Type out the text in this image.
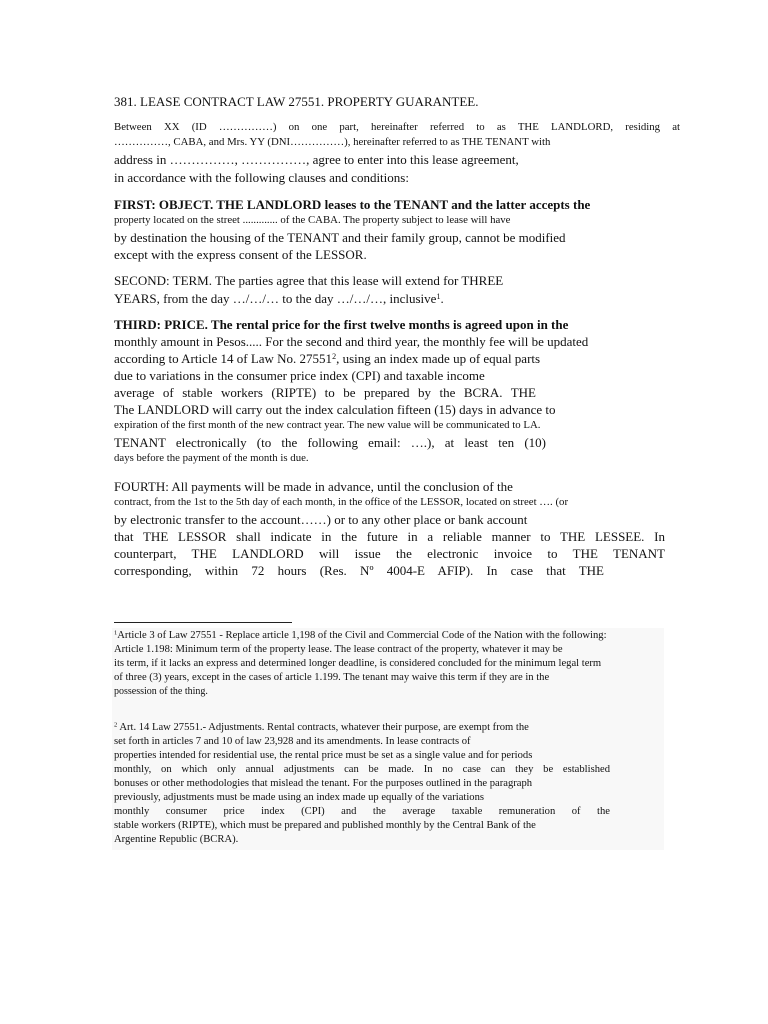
381. LEASE CONTRACT LAW 27551. PROPERTY GUARANTEE.
Between XX (ID ……………) on one part, hereinafter referred to as THE LANDLORD, residing at
……………, CABA, and Mrs. YY (DNI……………), hereinafter referred to as THE TENANT with
address in ……………, ……………, agree to enter into this lease agreement,
in accordance with the following clauses and conditions:
FIRST: OBJECT. THE LANDLORD leases to the TENANT and the latter accepts the
property located on the street ............. of the CABA. The property subject to lease will have
by destination the housing of the TENANT and their family group, cannot be modified
except with the express consent of the LESSOR.
SECOND: TERM. The parties agree that this lease will extend for THREE
YEARS, from the day …/…/… to the day …/…/…, inclusive$^1$.
THIRD: PRICE. The rental price for the first twelve months is agreed upon in the
monthly amount in Pesos..... For the second and third year, the monthly fee will be updated
according to Article 14 of Law No. 27551$^2$, using an index made up of equal parts
due to variations in the consumer price index (CPI) and taxable income
average of stable workers (RIPTE) to be prepared by the BCRA. THE
The LANDLORD will carry out the index calculation fifteen (15) days in advance to
expiration of the first month of the new contract year. The new value will be communicated to LA.
TENANT electronically (to the following email: ….), at least ten (10)
days before the payment of the month is due.
FOURTH: All payments will be made in advance, until the conclusion of the
contract, from the 1st to the 5th day of each month, in the office of the LESSOR, located on street …. (or
by electronic transfer to the account……) or to any other place or bank account
that THE LESSOR shall indicate in the future in a reliable manner to THE LESSEE. In
counterpart, THE LANDLORD will issue the electronic invoice to THE TENANT
corresponding, within 72 hours (Res. Nº 4004-E AFIP). In case that THE
$^1$Article 3 of Law 27551 - Replace article 1,198 of the Civil and Commercial Code of the Nation with the following:
Article 1.198: Minimum term of the property lease. The lease contract of the property, whatever it may be
its term, if it lacks an express and determined longer deadline, is considered concluded for the minimum legal term
of three (3) years, except in the cases of article 1.199. The tenant may waive this term if they are in the
possession of the thing.
$^2$ Art. 14 Law 27551.- Adjustments. Rental contracts, whatever their purpose, are exempt from the
set forth in articles 7 and 10 of law 23,928 and its amendments. In lease contracts of
properties intended for residential use, the rental price must be set as a single value and for periods
monthly, on which only annual adjustments can be made. In no case can they be established
bonuses or other methodologies that mislead the tenant. For the purposes outlined in the paragraph
previously, adjustments must be made using an index made up equally of the variations
monthly consumer price index (CPI) and the average taxable remuneration of the
stable workers (RIPTE), which must be prepared and published monthly by the Central Bank of the
Argentine Republic (BCRA).
